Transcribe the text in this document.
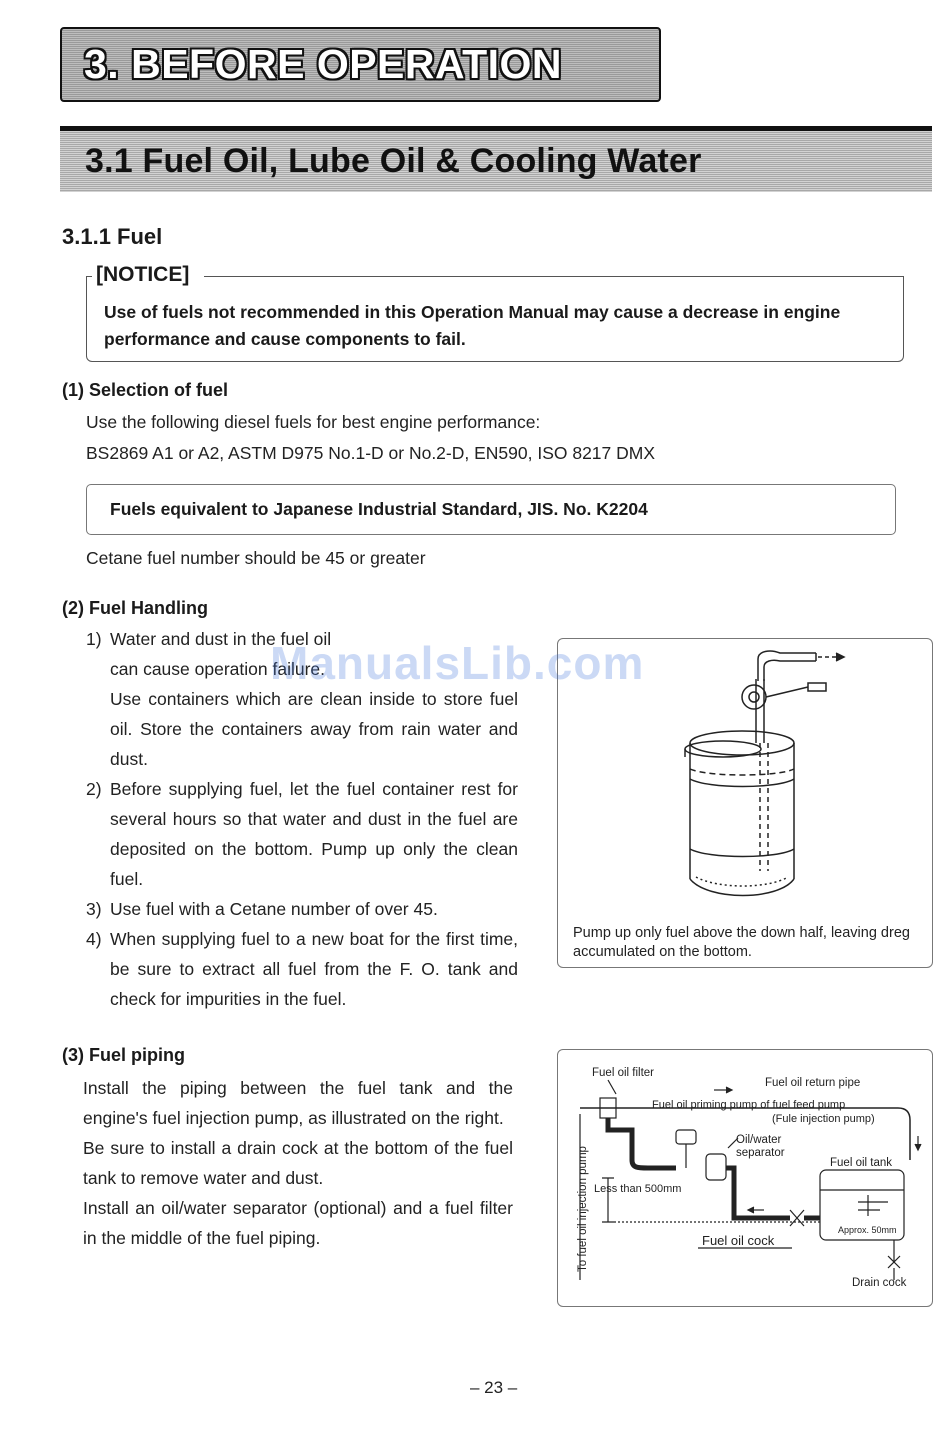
3. BEFORE OPERATION
3.1 Fuel Oil, Lube Oil & Cooling Water
3.1.1 Fuel
[NOTICE]
Use of fuels not recommended in this Operation Manual may cause a decrease in engine performance and cause components to fail.
(1) Selection of fuel
Use the following diesel fuels for best engine performance:
BS2869 A1 or A2, ASTM D975 No.1-D or No.2-D, EN590, ISO 8217 DMX
Fuels equivalent to Japanese Industrial Standard, JIS. No. K2204
Cetane fuel number should be 45 or greater
(2) Fuel Handling
1) Water and dust in the fuel oil can cause operation failure.
Use containers which are clean inside to store fuel oil. Store the containers away from rain water and dust.
2) Before supplying fuel, let the fuel container rest for several hours so that water and dust in the fuel are deposited on the bottom. Pump up only the clean fuel.
3) Use fuel with a Cetane number of over 45.
4) When supplying fuel to a new boat for the first time, be sure to extract all fuel from the F. O. tank and check for impurities in the fuel.
Pump up only fuel above the down half, leaving dreg accumulated on the bottom.
ManualsLib.com
(3) Fuel piping
Install the piping between the fuel tank and the engine's fuel injection pump, as illustrated on the right.
Be sure to install a drain cock at the bottom of the fuel tank to remove water and dust.
Install an oil/water separator (optional) and a fuel filter in the middle of the fuel piping.
Fuel oil filter
Fuel oil return pipe
Fuel oil priming pump of fuel feed pump
(Fule injection pump)
Oil/water
separator
Fuel oil tank
Less than 500mm
Approx. 50mm
Fuel oil cock
Drain cock
To fuel oil injection pump
– 23 –
